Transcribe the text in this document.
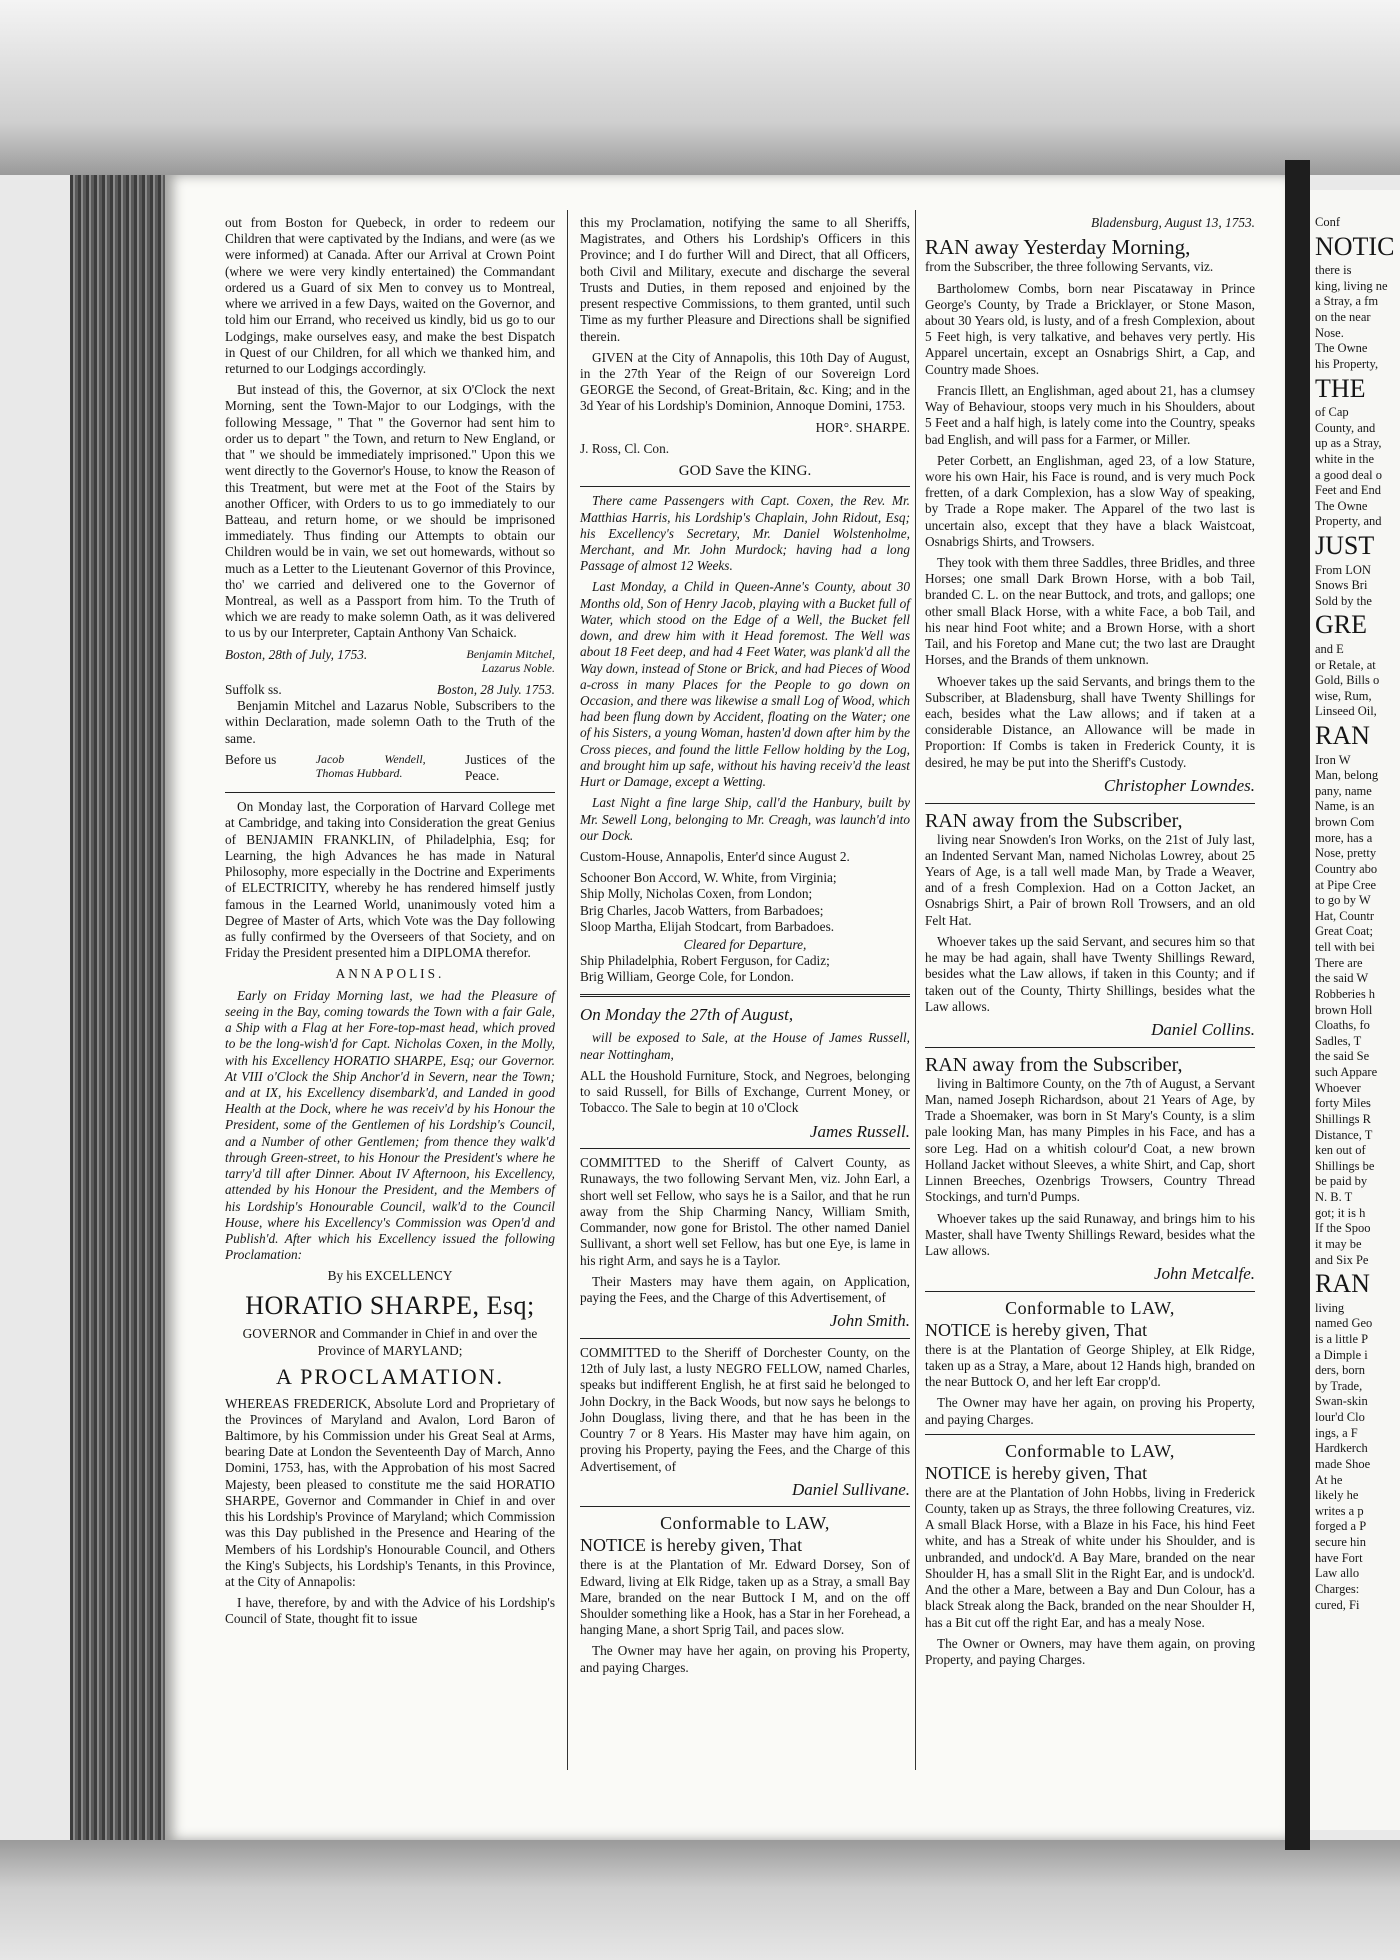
out from Boston for Quebeck, in order to redeem our Children that were captivated by the Indians, and were (as we were informed) at Canada. After our Arrival at Crown Point (where we were very kindly entertained) the Commandant ordered us a Guard of six Men to convey us to Montreal, where we arrived in a few Days, waited on the Governor, and told him our Errand, who received us kindly, bid us go to our Lodgings, make ourselves easy, and make the best Dispatch in Quest of our Children, for all which we thanked him, and returned to our Lodgings accordingly.

But instead of this, the Governor, at six O'Clock the next Morning, sent the Town-Major to our Lodgings, with the following Message, " That " the Governor had sent him to order us to depart " the Town, and return to New England, or that " we should be immediately imprisoned." Upon this we went directly to the Governor's House, to know the Reason of this Treatment, but were met at the Foot of the Stairs by another Officer, with Orders to us to go immediately to our Batteau, and return home, or we should be imprisoned immediately. Thus finding our Attempts to obtain our Children would be in vain, we set out homewards, without so much as a Letter to the Lieutenant Governor of this Province, tho' we carried and delivered one to the Governor of Montreal, as well as a Passport from him. To the Truth of which we are ready to make solemn Oath, as it was delivered to us by our Interpreter, Captain Anthony Van Schaick.

Boston, 28th of July, 1753.	Benjamin Mitchel, Lazarus Noble.
Suffolk ss.	Boston, 28 July. 1753.

Benjamin Mitchel and Lazarus Noble, Subscribers to the within Declaration, made solemn Oath to the Truth of the same.

Before us	Jacob Wendell, Thomas Hubbard.
Justices of the Peace.

On Monday last, the Corporation of Harvard College met at Cambridge, and taking into Consideration the great Genius of BENJAMIN FRANKLIN, of Philadelphia, Esq; for Learning, the high Advances he has made in Natural Philosophy, more especially in the Doctrine and Experiments of ELECTRICITY, whereby he has rendered himself justly famous in the Learned World, unanimously voted him a Degree of Master of Arts, which Vote was the Day following as fully confirmed by the Overseers of that Society, and on Friday the President presented him a DIPLOMA therefor.

ANNAPOLIS.

Early on Friday Morning last, we had the Pleasure of seeing in the Bay, coming towards the Town with a fair Gale, a Ship with a Flag at her Fore-top-mast head, which proved to be the long-wish'd for Capt. Nicholas Coxen, in the Molly, with his Excellency HORATIO SHARPE, Esq; our Governor. At VIII o'Clock the Ship Anchor'd in Severn, near the Town; and at IX, his Excellency disembark'd, and Landed in good Health at the Dock, where he was receiv'd by his Honour the President, some of the Gentlemen of his Lordship's Council, and a Number of other Gentlemen; from thence they walk'd through Green-street, to his Honour the President's where he tarry'd till after Dinner. About IV Afternoon, his Excellency, attended by his Honour the President, and the Members of his Lordship's Honourable Council, walk'd to the Council House, where his Excellency's Commission was Open'd and Publish'd. After which his Excellency issued the following Proclamation:

By his EXCELLENCY

HORATIO SHARPE, Esq;

GOVERNOR and Commander in Chief in and over the Province of MARYLAND;

A PROCLAMATION.

WHEREAS FREDERICK, Absolute Lord and Proprietary of the Provinces of Maryland and Avalon, Lord Baron of Baltimore, by his Commission under his Great Seal at Arms, bearing Date at London the Seventeenth Day of March, Anno Domini, 1753, has, with the Approbation of his most Sacred Majesty, been pleased to constitute me the said HORATIO SHARPE, Governor and Commander in Chief in and over this his Lordship's Province of Maryland; which Commission was this Day published in the Presence and Hearing of the Members of his Lordship's Honourable Council, and Others the King's Subjects, his Lordship's Tenants, in this Province, at the City of Annapolis:

I have, therefore, by and with the Advice of his Lordship's Council of State, thought fit to issue

this my Proclamation, notifying the same to all Sheriffs, Magistrates, and Others his Lordship's Officers in this Province; and I do further Will and Direct, that all Officers, both Civil and Military, execute and discharge the several Trusts and Duties, in them reposed and enjoined by the present respective Commissions, to them granted, until such Time as my further Pleasure and Directions shall be signified therein.

GIVEN at the City of Annapolis, this 10th Day of August, in the 27th Year of the Reign of our Sovereign Lord GEORGE the Second, of Great-Britain, &c. King; and in the 3d Year of his Lordship's Dominion, Annoque Domini, 1753.

HOR°. SHARPE.

J. Ross, Cl. Con.

GOD Save the KING.

There came Passengers with Capt. Coxen, the Rev. Mr. Matthias Harris, his Lordship's Chaplain, John Ridout, Esq; his Excellency's Secretary, Mr. Daniel Wolstenholme, Merchant, and Mr. John Murdock; having had a long Passage of almost 12 Weeks.

Last Monday, a Child in Queen-Anne's County, about 30 Months old, Son of Henry Jacob, playing with a Bucket full of Water, which stood on the Edge of a Well, the Bucket fell down, and drew him with it Head foremost. The Well was about 18 Feet deep, and had 4 Feet Water, was plank'd all the Way down, instead of Stone or Brick, and had Pieces of Wood a-cross in many Places for the People to go down on Occasion, and there was likewise a small Log of Wood, which had been flung down by Accident, floating on the Water; one of his Sisters, a young Woman, hasten'd down after him by the Cross pieces, and found the little Fellow holding by the Log, and brought him up safe, without his having receiv'd the least Hurt or Damage, except a Wetting.

Last Night a fine large Ship, call'd the Hanbury, built by Mr. Sewell Long, belonging to Mr. Creagh, was launch'd into our Dock.

Custom-House, Annapolis, Enter'd since August 2.

Schooner Bon Accord, W. White, from Virginia;
Ship Molly, Nicholas Coxen, from London;
Brig Charles, Jacob Watters, from Barbadoes;
Sloop Martha, Elijah Stodcart, from Barbadoes.

Cleared for Departure,

Ship Philadelphia, Robert Ferguson, for Cadiz;
Brig William, George Cole, for London.

On Monday the 27th of August,

will be exposed to Sale, at the House of James Russell, near Nottingham,

ALL the Houshold Furniture, Stock, and Negroes, belonging to said Russell, for Bills of Exchange, Current Money, or Tobacco. The Sale to begin at 10 o'Clock

James Russell.

COMMITTED to the Sheriff of Calvert County, as Runaways, the two following Servant Men, viz. John Earl, a short well set Fellow, who says he is a Sailor, and that he run away from the Ship Charming Nancy, William Smith, Commander, now gone for Bristol. The other named Daniel Sullivant, a short well set Fellow, has but one Eye, is lame in his right Arm, and says he is a Taylor.

Their Masters may have them again, on Application, paying the Fees, and the Charge of this Advertisement, of

John Smith.

COMMITTED to the Sheriff of Dorchester County, on the 12th of July last, a lusty NEGRO FELLOW, named Charles, speaks but indifferent English, he at first said he belonged to John Dockry, in the Back Woods, but now says he belongs to John Douglass, living there, and that he has been in the Country 7 or 8 Years. His Master may have him again, on proving his Property, paying the Fees, and the Charge of this Advertisement, of

Daniel Sullivane.
Conformable to LAW,
NOTICE is hereby given, That

there is at the Plantation of Mr. Edward Dorsey, Son of Edward, living at Elk Ridge, taken up as a Stray, a small Bay Mare, branded on the near Buttock I M, and on the off Shoulder something like a Hook, has a Star in her Forehead, a hanging Mane, a short Sprig Tail, and paces slow.

The Owner may have her again, on proving his Property, and paying Charges.

Bladensburg, August 13, 1753.

RAN away Yesterday Morning,

from the Subscriber, the three following Servants, viz.

Bartholomew Combs, born near Piscataway in Prince George's County, by Trade a Bricklayer, or Stone Mason, about 30 Years old, is lusty, and of a fresh Complexion, about 5 Feet high, is very talkative, and behaves very pertly. His Apparel uncertain, except an Osnabrigs Shirt, a Cap, and Country made Shoes.

Francis Illett, an Englishman, aged about 21, has a clumsey Way of Behaviour, stoops very much in his Shoulders, about 5 Feet and a half high, is lately come into the Country, speaks bad English, and will pass for a Farmer, or Miller.

Peter Corbett, an Englishman, aged 23, of a low Stature, wore his own Hair, his Face is round, and is very much Pock fretten, of a dark Complexion, has a slow Way of speaking, by Trade a Rope maker. The Apparel of the two last is uncertain also, except that they have a black Waistcoat, Osnabrigs Shirts, and Trowsers.

They took with them three Saddles, three Bridles, and three Horses; one small Dark Brown Horse, with a bob Tail, branded C. L. on the near Buttock, and trots, and gallops; one other small Black Horse, with a white Face, a bob Tail, and his near hind Foot white; and a Brown Horse, with a short Tail, and his Foretop and Mane cut; the two last are Draught Horses, and the Brands of them unknown.

Whoever takes up the said Servants, and brings them to the Subscriber, at Bladensburg, shall have Twenty Shillings for each, besides what the Law allows; and if taken at a considerable Distance, an Allowance will be made in Proportion: If Combs is taken in Frederick County, it is desired, he may be put into the Sheriff's Custody.

Christopher Lowndes.
RAN away from the Subscriber,

living near Snowden's Iron Works, on the 21st of July last, an Indented Servant Man, named Nicholas Lowrey, about 25 Years of Age, is a tall well made Man, by Trade a Weaver, and of a fresh Complexion. Had on a Cotton Jacket, an Osnabrigs Shirt, a Pair of brown Roll Trowsers, and an old Felt Hat.

Whoever takes up the said Servant, and secures him so that he may be had again, shall have Twenty Shillings Reward, besides what the Law allows, if taken in this County; and if taken out of the County, Thirty Shillings, besides what the Law allows.

Daniel Collins.
RAN away from the Subscriber,

living in Baltimore County, on the 7th of August, a Servant Man, named Joseph Richardson, about 21 Years of Age, by Trade a Shoemaker, was born in St Mary's County, is a slim pale looking Man, has many Pimples in his Face, and has a sore Leg. Had on a whitish colour'd Coat, a new brown Holland Jacket without Sleeves, a white Shirt, and Cap, short Linnen Breeches, Ozenbrigs Trowsers, Country Thread Stockings, and turn'd Pumps.

Whoever takes up the said Runaway, and brings him to his Master, shall have Twenty Shillings Reward, besides what the Law allows.

John Metcalfe.
Conformable to LAW,
NOTICE is hereby given, That

there is at the Plantation of George Shipley, at Elk Ridge, taken up as a Stray, a Mare, about 12 Hands high, branded on the near Buttock O, and her left Ear cropp'd.

The Owner may have her again, on proving his Property, and paying Charges.

Conformable to LAW,
NOTICE is hereby given, That

there are at the Plantation of John Hobbs, living in Frederick County, taken up as Strays, the three following Creatures, viz. A small Black Horse, with a Blaze in his Face, his hind Feet white, and has a Streak of white under his Shoulder, and is unbranded, and undock'd. A Bay Mare, branded on the near Shoulder H, has a small Slit in the Right Ear, and is undock'd. And the other a Mare, between a Bay and Dun Colour, has a black Streak along the Back, branded on the near Shoulder H, has a Bit cut off the right Ear, and has a mealy Nose.

The Owner or Owners, may have them again, on proving Property, and paying Charges.

Conf
NOTIC
there is
king, living ne
a Stray, a fm
on the near
Nose.
The Owne
his Property,
THE
of Cap
County, and
up as a Stray,
white in the
a good deal o
Feet and End
The Owne
Property, and
JUST
From LON
Snows Bri
Sold by the
GRE
and E
or Retale, at
Gold, Bills o
wise, Rum,
Linseed Oil,
RAN
Iron W
Man, belong
pany, name
Name, is an
brown Com
more, has a
Nose, pretty
Country abo
at Pipe Cree
to go by W
Hat, Countr
Great Coat;
tell with bei
There are
the said W
Robberies h
brown Holl
Cloaths, fo
Sadles, T
the said Se
such Appare
Whoever
forty Miles
Shillings R
Distance, T
ken out of
Shillings be
be paid by
N. B. T
got; it is h
If the Spoo
it may be
and Six Pe
RAN
living
named Geo
is a little P
a Dimple i
ders, born
by Trade,
Swan-skin
lour'd Clo
ings, a F
Hardkerch
made Shoe
At he
likely he
writes a p
forged a P
secure hin
have Fort
Law allo
Charges:
cured, Fi
